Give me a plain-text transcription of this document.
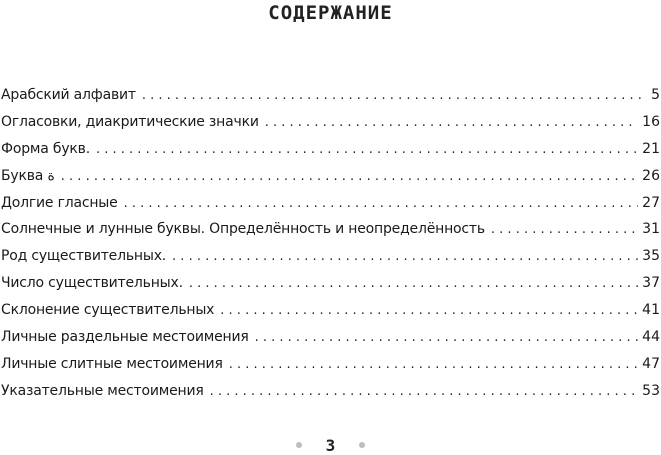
СОДЕРЖАНИЕ
Арабский алфавит . . .	5
Огласовки, диакритические значки . . .	16
Форма букв. . . .	21
Буква ة . . .	26
Долгие гласные . . .	27
Солнечные и лунные буквы. Определённость и неопределённость . . .	31
Род существительных. . . .	35
Число существительных. . . .	37
Склонение существительных . . .	41
Личные раздельные местоимения . . .	44
Личные слитные местоимения . . .	47
Указательные местоимения . . .	53
3
